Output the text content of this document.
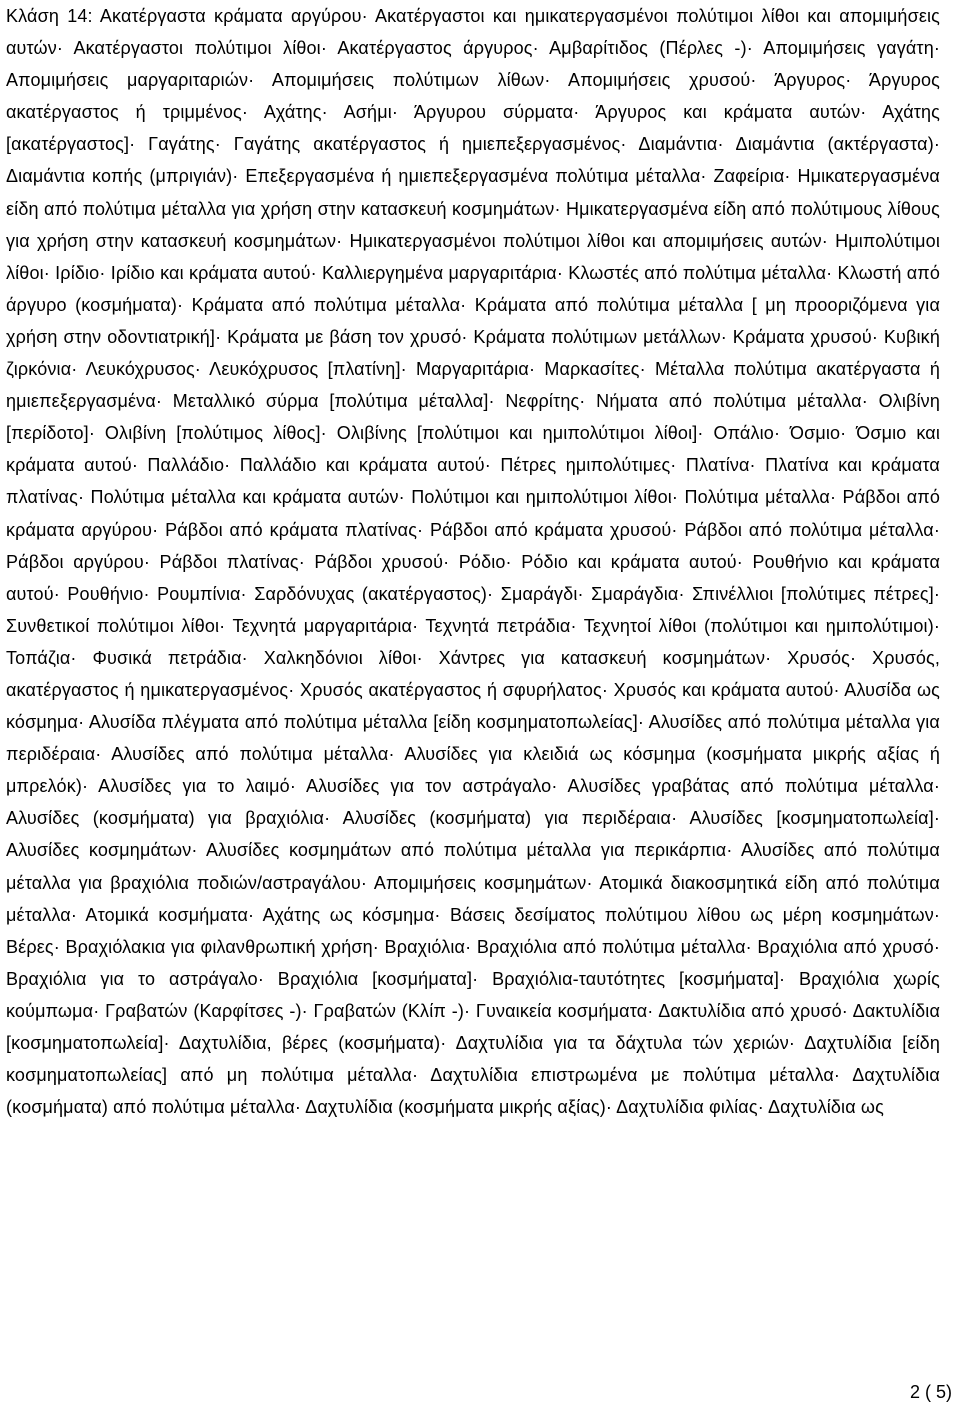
Κλάση 14: Ακατέργαστα κράματα αργύρου· Ακατέργαστοι και ημικατεργασμένοι πολύτιμοι λίθοι και απομιμήσεις αυτών· Ακατέργαστοι πολύτιμοι λίθοι· Ακατέργαστος άργυρος· Αμβαρίτιδος (Πέρλες -)· Απομιμήσεις γαγάτη· Απομιμήσεις μαργαριταριών· Απομιμήσεις πολύτιμων λίθων· Απομιμήσεις χρυσού· Άργυρος· Άργυρος ακατέργαστος ή τριμμένος· Αχάτης· Ασήμι· Άργυρου σύρματα· Άργυρος και κράματα αυτών· Αχάτης [ακατέργαστος]· Γαγάτης· Γαγάτης ακατέργαστος ή ημιεπεξεργασμένος· Διαμάντια· Διαμάντια (ακτέργαστα)· Διαμάντια κοπής (μπριγιάν)· Επεξεργασμένα ή ημιεπεξεργασμένα πολύτιμα μέταλλα· Ζαφείρια· Ημικατεργασμένα είδη από πολύτιμα μέταλλα για χρήση στην κατασκευή κοσμημάτων· Ημικατεργασμένα είδη από πολύτιμους λίθους για χρήση στην κατασκευή κοσμημάτων· Ημικατεργασμένοι πολύτιμοι λίθοι και απομιμήσεις αυτών· Ημιπολύτιμοι λίθοι· Ιρίδιο· Ιρίδιο και κράματα αυτού· Καλλιεργημένα μαργαριτάρια· Κλωστές από πολύτιμα μέταλλα· Κλωστή από άργυρο (κοσμήματα)· Κράματα από πολύτιμα μέταλλα· Κράματα από πολύτιμα μέταλλα [ μη προοριζόμενα για χρήση στην οδοντιατρική]· Κράματα με βάση τον χρυσό· Κράματα πολύτιμων μετάλλων· Κράματα χρυσού· Κυβική ζιρκόνια· Λευκόχρυσος· Λευκόχρυσος [πλατίνη]· Μαργαριτάρια· Μαρκασίτες· Μέταλλα πολύτιμα ακατέργαστα ή ημιεπεξεργασμένα· Μεταλλικό σύρμα [πολύτιμα μέταλλα]· Νεφρίτης· Νήματα από πολύτιμα μέταλλα· Ολιβίνη [περίδοτο]· Ολιβίνη [πολύτιμος λίθος]· Ολιβίνης [πολύτιμοι και ημιπολύτιμοι λίθοι]· Οπάλιο· Όσμιο· Όσμιο και κράματα αυτού· Παλλάδιο· Παλλάδιο και κράματα αυτού· Πέτρες ημιπολύτιμες· Πλατίνα· Πλατίνα και κράματα πλατίνας· Πολύτιμα μέταλλα και κράματα αυτών· Πολύτιμοι και ημιπολύτιμοι λίθοι· Πολύτιμα μέταλλα· Ράβδοι από κράματα αργύρου· Ράβδοι από κράματα πλατίνας· Ράβδοι από κράματα χρυσού· Ράβδοι από πολύτιμα μέταλλα· Ράβδοι αργύρου· Ράβδοι πλατίνας· Ράβδοι χρυσού· Ρόδιο· Ρόδιο και κράματα αυτού· Ρουθήνιο και κράματα αυτού· Ρουθήνιο· Ρουμπίνια· Σαρδόνυχας (ακατέργαστος)· Σμαράγδι· Σμαράγδια· Σπινέλλιοι [πολύτιμες πέτρες]· Συνθετικοί πολύτιμοι λίθοι· Τεχνητά μαργαριτάρια· Τεχνητά πετράδια· Τεχνητοί λίθοι (πολύτιμοι και ημιπολύτιμοι)· Τοπάζια· Φυσικά πετράδια· Χαλκηδόνιοι λίθοι· Χάντρες για κατασκευή κοσμημάτων· Χρυσός· Χρυσός, ακατέργαστος ή ημικατεργασμένος· Χρυσός ακατέργαστος ή σφυρήλατος· Χρυσός και κράματα αυτού· Αλυσίδα ως κόσμημα· Αλυσίδα πλέγματα από πολύτιμα μέταλλα [είδη κοσμηματοπωλείας]· Αλυσίδες από πολύτιμα μέταλλα για περιδέραια· Αλυσίδες από πολύτιμα μέταλλα· Αλυσίδες για κλειδιά ως κόσμημα (κοσμήματα μικρής αξίας ή μπρελόκ)· Αλυσίδες για το λαιμό· Αλυσίδες για τον αστράγαλο· Αλυσίδες γραβάτας από πολύτιμα μέταλλα· Αλυσίδες (κοσμήματα) για βραχιόλια· Αλυσίδες (κοσμήματα) για περιδέραια· Αλυσίδες [κοσμηματοπωλεία]· Αλυσίδες κοσμημάτων· Αλυσίδες κοσμημάτων από πολύτιμα μέταλλα για περικάρπια· Αλυσίδες από πολύτιμα μέταλλα για βραχιόλια ποδιών/αστραγάλου· Απομιμήσεις κοσμημάτων· Ατομικά διακοσμητικά είδη από πολύτιμα μέταλλα· Ατομικά κοσμήματα· Αχάτης ως κόσμημα· Βάσεις δεσίματος πολύτιμου λίθου ως μέρη κοσμημάτων· Βέρες· Βραχιόλακια για φιλανθρωπική χρήση· Βραχιόλια· Βραχιόλια από πολύτιμα μέταλλα· Βραχιόλια από χρυσό· Βραχιόλια για το αστράγαλο· Βραχιόλια [κοσμήματα]· Βραχιόλια-ταυτότητες [κοσμήματα]· Βραχιόλια χωρίς κούμπωμα· Γραβατών (Καρφίτσες -)· Γραβατών (Κλίπ -)· Γυναικεία κοσμήματα· Δακτυλίδια από χρυσό· Δακτυλίδια [κοσμηματοπωλεία]· Δαχτυλίδια, βέρες (κοσμήματα)· Δαχτυλίδια για τα δάχτυλα τών χεριών· Δαχτυλίδια [είδη κοσμηματοπωλείας] από μη πολύτιμα μέταλλα· Δαχτυλίδια επιστρωμένα με πολύτιμα μέταλλα· Δαχτυλίδια (κοσμήματα) από πολύτιμα μέταλλα· Δαχτυλίδια (κοσμήματα μικρής αξίας)· Δαχτυλίδια φιλίας· Δαχτυλίδια ως

2 ( 5)
